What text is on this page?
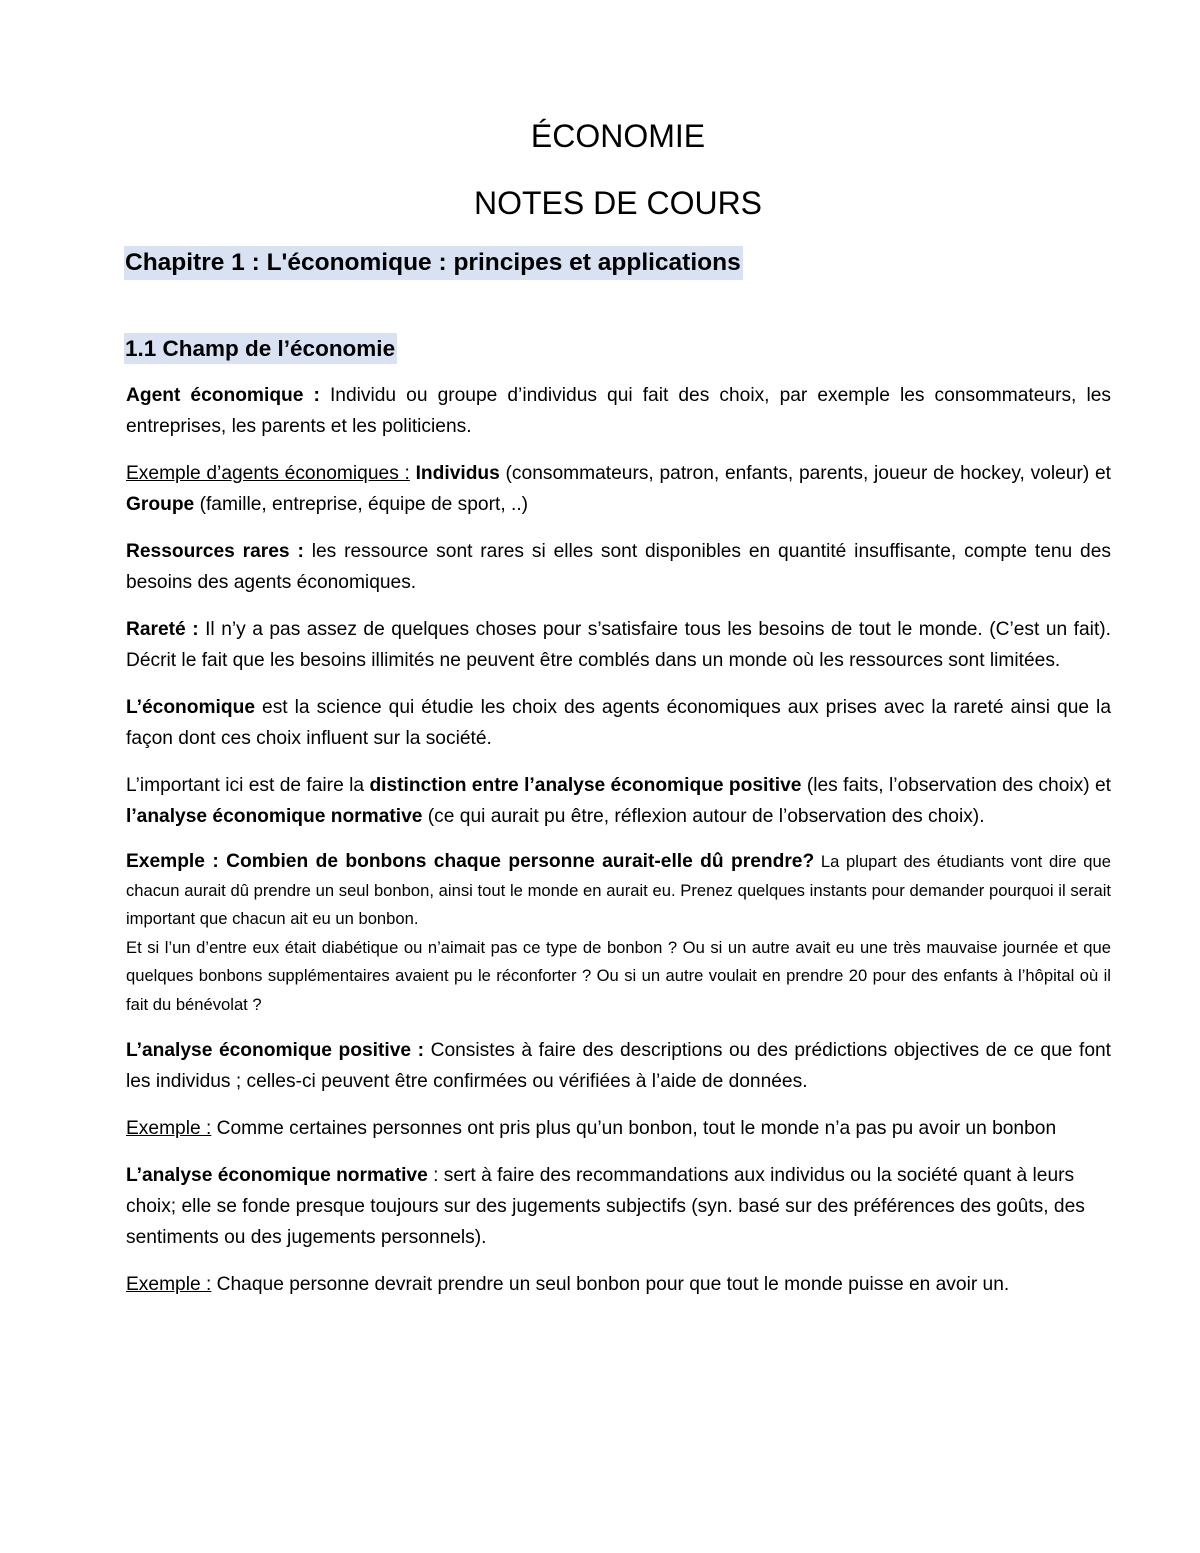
ÉCONOMIE
NOTES DE COURS
Chapitre 1 : L'économique : principes et applications
1.1 Champ de l’économie

Agent économique : Individu ou groupe d’individus qui fait des choix, par exemple les consommateurs, les entreprises, les parents et les politiciens.

Exemple d’agents économiques : Individus (consommateurs, patron, enfants, parents, joueur de hockey, voleur) et Groupe (famille, entreprise, équipe de sport, ..)

Ressources rares : les ressource sont rares si elles sont disponibles en quantité insuffisante, compte tenu des besoins des agents économiques.

Rareté : Il n’y a pas assez de quelques choses pour s’satisfaire tous les besoins de tout le monde. (C’est un fait). Décrit le fait que les besoins illimités ne peuvent être comblés dans un monde où les ressources sont limitées.

L’économique est la science qui étudie les choix des agents économiques aux prises avec la rareté ainsi que la façon dont ces choix influent sur la société.

L’important ici est de faire la distinction entre l’analyse économique positive (les faits, l’observation des choix) et l’analyse économique normative (ce qui aurait pu être, réflexion autour de l’observation des choix).

Exemple : Combien de bonbons chaque personne aurait-elle dû prendre? La plupart des étudiants vont dire que chacun aurait dû prendre un seul bonbon, ainsi tout le monde en aurait eu. Prenez quelques instants pour demander pourquoi il serait important que chacun ait eu un bonbon.
Et si l’un d’entre eux était diabétique ou n’aimait pas ce type de bonbon ? Ou si un autre avait eu une très mauvaise journée et que quelques bonbons supplémentaires avaient pu le réconforter ? Ou si un autre voulait en prendre 20 pour des enfants à l’hôpital où il fait du bénévolat ?

L’analyse économique positive : Consistes à faire des descriptions ou des prédictions objectives de ce que font les individus ; celles-ci peuvent être confirmées ou vérifiées à l’aide de données.

Exemple : Comme certaines personnes ont pris plus qu’un bonbon, tout le monde n’a pas pu avoir un bonbon

L’analyse économique normative : sert à faire des recommandations aux individus ou la société quant à leurs choix; elle se fonde presque toujours sur des jugements subjectifs (syn. basé sur des préférences des goûts, des sentiments ou des jugements personnels).

Exemple : Chaque personne devrait prendre un seul bonbon pour que tout le monde puisse en avoir un.
